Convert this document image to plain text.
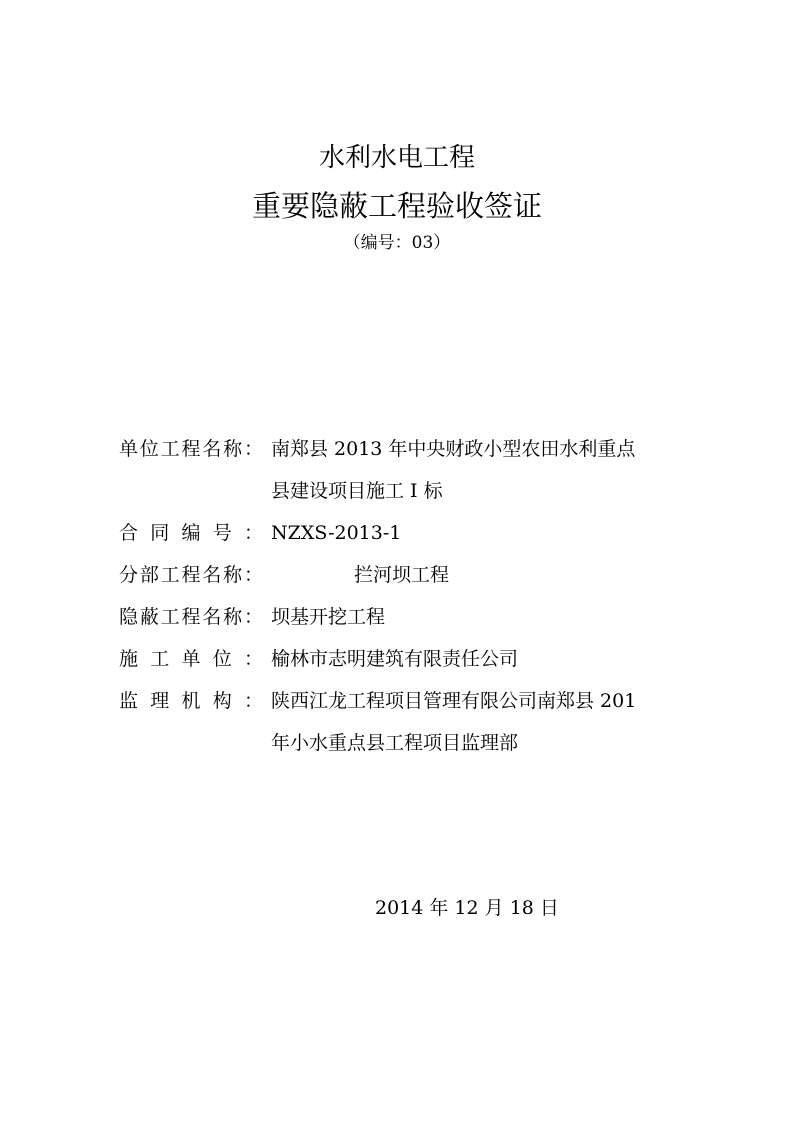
水利水电工程
重要隐蔽工程验收签证
（编号：03）
单 位 工 程 名 称 ： 南郑县 2013 年中央财政小型农田水利重点
县建设项目施工 I 标
合 同 编 号 ： NZXS-2013-1
分 部 工 程 名 称 ：	拦河坝工程
隐 蔽 工 程 名 称 ： 坝基开挖工程
施 工 单 位 ： 榆林市志明建筑有限责任公司
监 理 机 构 ： 陕西江龙工程项目管理有限公司南郑县 201
年小水重点县工程项目监理部
2014 年 12 月 18 日
